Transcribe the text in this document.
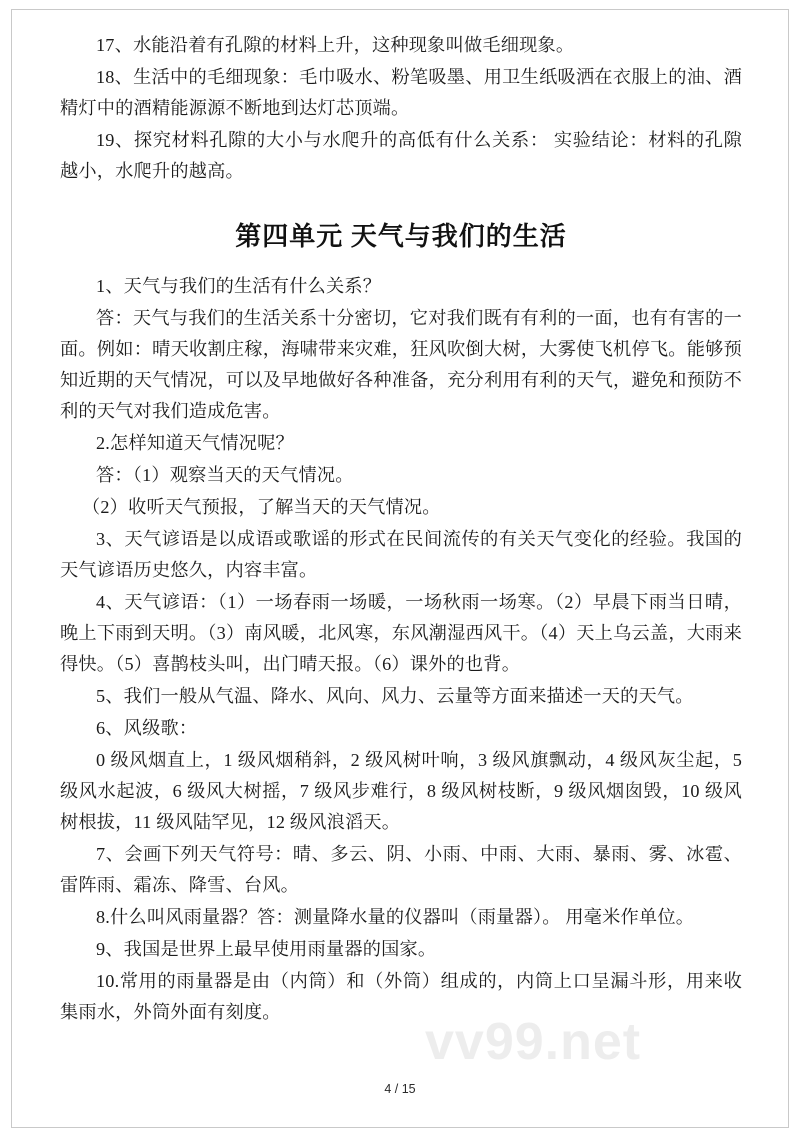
17、水能沿着有孔隙的材料上升，这种现象叫做毛细现象。

18、生活中的毛细现象：毛巾吸水、粉笔吸墨、用卫生纸吸洒在衣服上的油、酒精灯中的酒精能源源不断地到达灯芯顶端。

19、探究材料孔隙的大小与水爬升的高低有什么关系： 实验结论：材料的孔隙越小，水爬升的越高。

第四单元 天气与我们的生活

1、天气与我们的生活有什么关系？

答：天气与我们的生活关系十分密切，它对我们既有有利的一面，也有有害的一面。例如：晴天收割庄稼，海啸带来灾难，狂风吹倒大树，大雾使飞机停飞。能够预知近期的天气情况，可以及早地做好各种准备，充分利用有利的天气，避免和预防不利的天气对我们造成危害。

2.怎样知道天气情况呢？

答：（1）观察当天的天气情况。

（2）收听天气预报，了解当天的天气情况。

3、天气谚语是以成语或歌谣的形式在民间流传的有关天气变化的经验。我国的天气谚语历史悠久，内容丰富。

4、天气谚语：（1）一场春雨一场暖，一场秋雨一场寒。（2）早晨下雨当日晴，晚上下雨到天明。（3）南风暖，北风寒，东风潮湿西风干。（4）天上乌云盖，大雨来得快。（5）喜鹊枝头叫，出门晴天报。（6）课外的也背。

5、我们一般从气温、降水、风向、风力、云量等方面来描述一天的天气。

6、风级歌：

0 级风烟直上，1 级风烟稍斜，2 级风树叶响，3 级风旗飘动，4 级风灰尘起，5 级风水起波，6 级风大树摇，7 级风步难行，8 级风树枝断，9 级风烟囱毁，10 级风树根拔，11 级风陆罕见，12 级风浪滔天。

7、会画下列天气符号：晴、多云、阴、小雨、中雨、大雨、暴雨、雾、冰雹、雷阵雨、霜冻、降雪、台风。

8.什么叫风雨量器？答：测量降水量的仪器叫（雨量器）。 用毫米作单位。

9、我国是世界上最早使用雨量器的国家。

10.常用的雨量器是由（内筒）和（外筒）组成的，内筒上口呈漏斗形，用来收集雨水，外筒外面有刻度。

vv99.net
4 / 15
